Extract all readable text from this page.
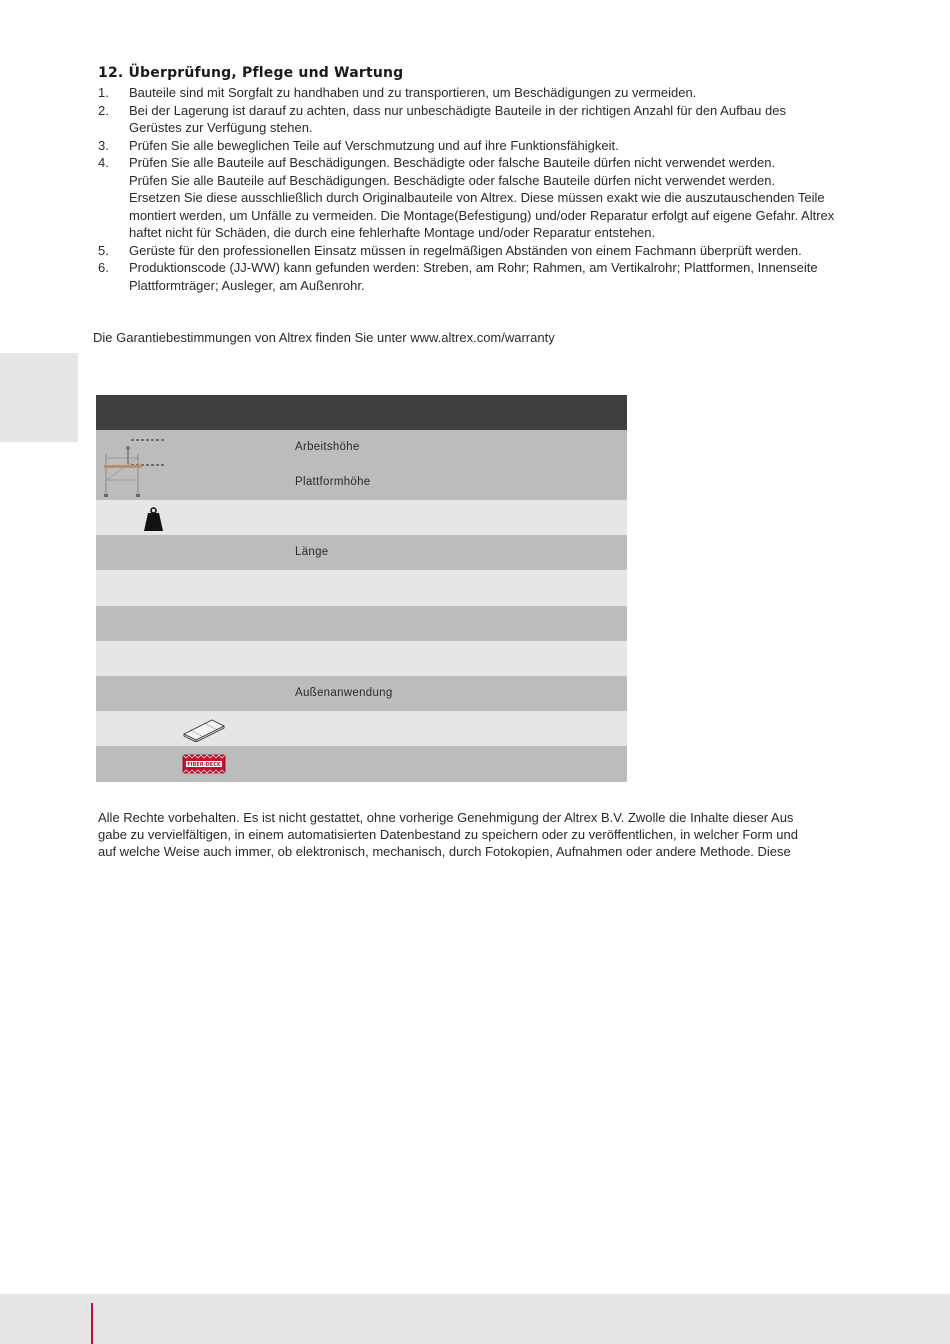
12. Überprüfung, Pflege und Wartung
1.	Bauteile sind mit Sorgfalt zu handhaben und zu transportieren, um Beschädigungen zu vermeiden.
2.	Bei der Lagerung ist darauf zu achten, dass nur unbeschädigte Bauteile in der richtigen Anzahl für den Aufbau des
Gerüstes zur Verfügung stehen.
3.	Prüfen Sie alle beweglichen Teile auf Verschmutzung und auf ihre Funktionsfähigkeit.
4.	Prüfen Sie alle Bauteile auf Beschädigungen. Beschädigte oder falsche Bauteile dürfen nicht verwendet werden.
Prüfen Sie alle Bauteile auf Beschädigungen. Beschädigte oder falsche Bauteile dürfen nicht verwendet werden.
Ersetzen Sie diese ausschließlich durch Originalbauteile von Altrex. Diese müssen exakt wie die auszutauschenden Teile
montiert werden, um Unfälle zu vermeiden. Die Montage(Befestigung) und/oder Reparatur erfolgt auf eigene Gefahr. Altrex
haftet nicht für Schäden, die durch eine fehlerhafte Montage und/oder Reparatur entstehen.
5.	Gerüste für den professionellen Einsatz müssen in regelmäßigen Abständen von einem Fachmann überprüft werden.
6.	Produktionscode (JJ-WW) kann gefunden werden: Streben, am Rohr; Rahmen, am Vertikalrohr; Plattformen, Innenseite
Plattformträger; Ausleger, am Außenrohr.

Die Garantiebestimmungen von Altrex finden Sie unter www.altrex.com/warranty

Arbeitshöhe
Plattformhöhe
Länge
Außenanwendung
FIBER-DECK

Alle Rechte vorbehalten. Es ist nicht gestattet, ohne vorherige Genehmigung der Altrex B.V. Zwolle die Inhalte dieser Aus
gabe zu vervielfältigen, in einem automatisierten Datenbestand zu speichern oder zu veröffentlichen, in welcher Form und
auf welche Weise auch immer, ob elektronisch, mechanisch, durch Fotokopien, Aufnahmen oder andere Methode. Diese
